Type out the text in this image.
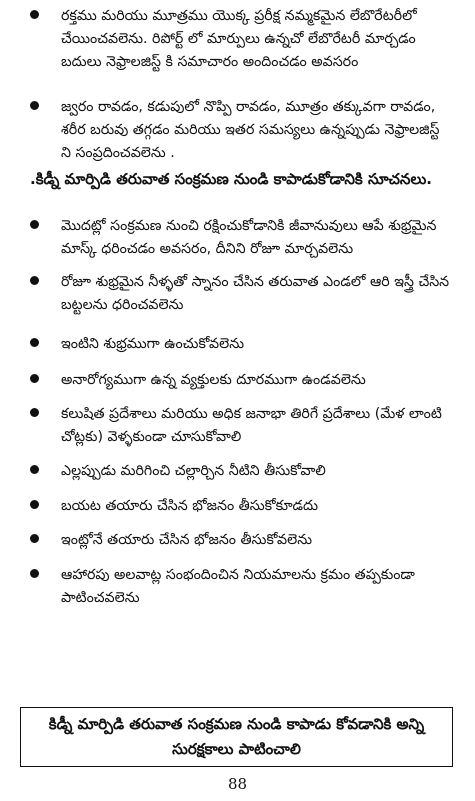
రక్తము మరియు మూత్రము యొక్క ప్రరీక్ష నమ్మకమైన లేబొరేటరీలో చేయించవలెను. రిపోర్ట్ లో మార్పులు ఉన్నచో లేబొరేటరీ మార్చడం బదులు నెఫ్రాలజిస్ట్ కి సమాచారం అందించడం అవసరం
జ్వరం రావడం, కడుపులో నొప్పి రావడం, మూత్రం తక్కువగా రావడం, శరీర బరువు తగ్గడం మరియు ఇతర సమస్యలు ఉన్నప్పుడు నెఫ్రాలజిస్ట్ ని సంప్రదించవలెను .
.కిడ్నీ మార్పిడి తరువాత సంక్రమణ నుండి కాపాడుకోడానికి సూచనలు.
మొదట్లో సంక్రమణ నుంచి రక్షించుకోడానికి జీవానువులు ఆపే శుభ్రమైన మాస్క్ ధరించడం అవసరం, దీనిని రోజూ మార్చవలెను
రోజూ శుభ్రమైన నీళ్ళతో స్నానం చేసిన తరువాత ఎండలో ఆరి ఇస్త్రీ చేసిన బట్టలను ధరించవలెను
ఇంటిని శుభ్రముగా ఉంచుకోవలెను
అనారోగ్యముగా ఉన్న వ్యక్తులకు దూరముగా ఉండవలెను
కలుషిత ప్రదేశాలు మరియు అధిక జనాభా తిరిగే ప్రదేశాలు (మేళ లాంటి చోట్లకు) వెళ్ళకుండా చూసుకోవాలి
ఎల్లప్పుడు మరిగించి చల్లార్చిన నీటిని తీసుకోవాలి
బయట తయారు చేసిన భోజనం తీసుకోకూడదు
ఇంట్లోనే తయారు చేసిన భోజనం తీసుకోవలెను
ఆహారపు అలవాట్ల సంభందించిన నియమాలను క్రమం తప్పకుండా పాటించవలెను
కిడ్నీ మార్పిడి తరువాత సంక్రమణ నుండి కాపాడు కోవడానికి అన్ని సురక్షకాలు పాటించాలి
88
